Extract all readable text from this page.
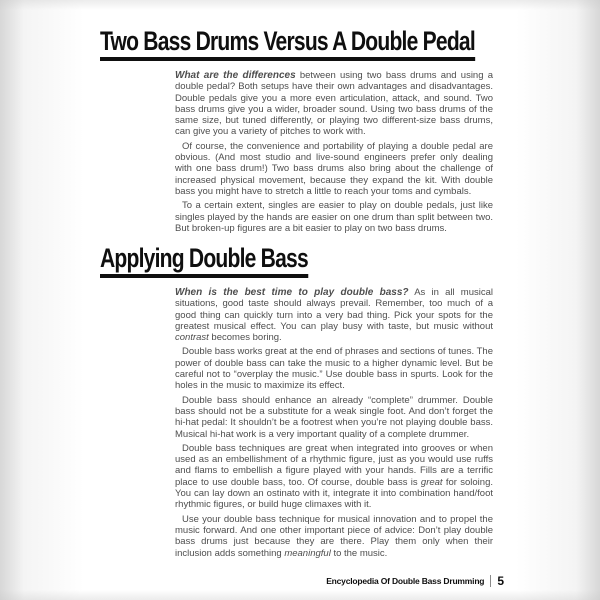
Two Bass Drums Versus A Double Pedal

What are the differences between using two bass drums and using a double pedal? Both setups have their own advantages and disadvantages. Double pedals give you a more even articulation, attack, and sound. Two bass drums give you a wider, broader sound. Using two bass drums of the same size, but tuned differently, or playing two different-size bass drums, can give you a variety of pitches to work with.

Of course, the convenience and portability of playing a double pedal are obvious. (And most studio and live-sound engineers prefer only dealing with one bass drum!) Two bass drums also bring about the challenge of increased physical movement, because they expand the kit. With double bass you might have to stretch a little to reach your toms and cymbals.

To a certain extent, singles are easier to play on double pedals, just like singles played by the hands are easier on one drum than split between two. But broken-up figures are a bit easier to play on two bass drums.

Applying Double Bass

When is the best time to play double bass? As in all musical situations, good taste should always prevail. Remember, too much of a good thing can quickly turn into a very bad thing. Pick your spots for the greatest musical effect. You can play busy with taste, but music without contrast becomes boring.

Double bass works great at the end of phrases and sections of tunes. The power of double bass can take the music to a higher dynamic level. But be careful not to “overplay the music.” Use double bass in spurts. Look for the holes in the music to maximize its effect.

Double bass should enhance an already “complete” drummer. Double bass should not be a substitute for a weak single foot. And don’t forget the hi-hat pedal: It shouldn’t be a footrest when you’re not playing double bass. Musical hi-hat work is a very important quality of a complete drummer.

Double bass techniques are great when integrated into grooves or when used as an embellishment of a rhythmic figure, just as you would use ruffs and flams to embellish a figure played with your hands. Fills are a terrific place to use double bass, too. Of course, double bass is great for soloing. You can lay down an ostinato with it, integrate it into combination hand/foot rhythmic figures, or build huge climaxes with it.

Use your double bass technique for musical innovation and to propel the music forward. And one other important piece of advice: Don’t play double bass drums just because they are there. Play them only when their inclusion adds something meaningful to the music.

Encyclopedia Of Double Bass Drumming 5
